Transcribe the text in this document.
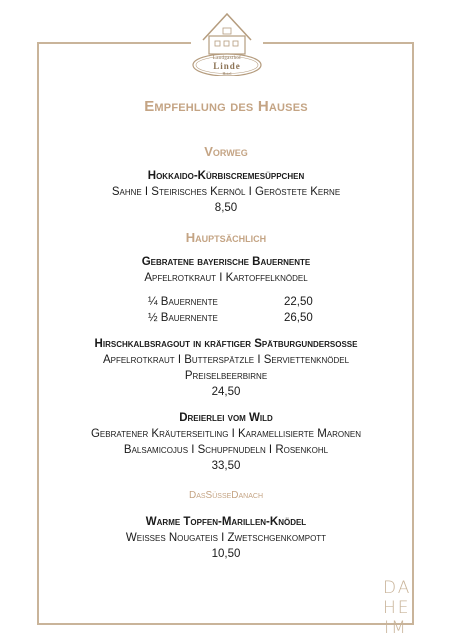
Landgasthof
Linde
Hotel
Empfehlung des Hauses
Vorweg
Hokkaido-Kürbiscremesüppchen
Sahne I Steirisches Kernöl I Geröstete Kerne
8,50
Hauptsächlich
Gebratene bayerische Bauernente
Apfelrotkraut I Kartoffelknödel
¼ Bauernente	22,50
½ Bauernente	26,50
Hirschkalbsragout in kräftiger Spätburgundersoße
Apfelrotkraut I Butterspätzle I Serviettenknödel
Preiselbeerbirne
24,50
Dreierlei vom Wild
Gebratener Kräuterseitling I Karamellisierte Maronen
Balsamicojus I Schupfnudeln I Rosenkohl
33,50
DasSüßeDanach
Warme Topfen-Marillen-Knödel
Weißes Nougateis I Zwetschgenkompott
10,50
DA
HE
IM
